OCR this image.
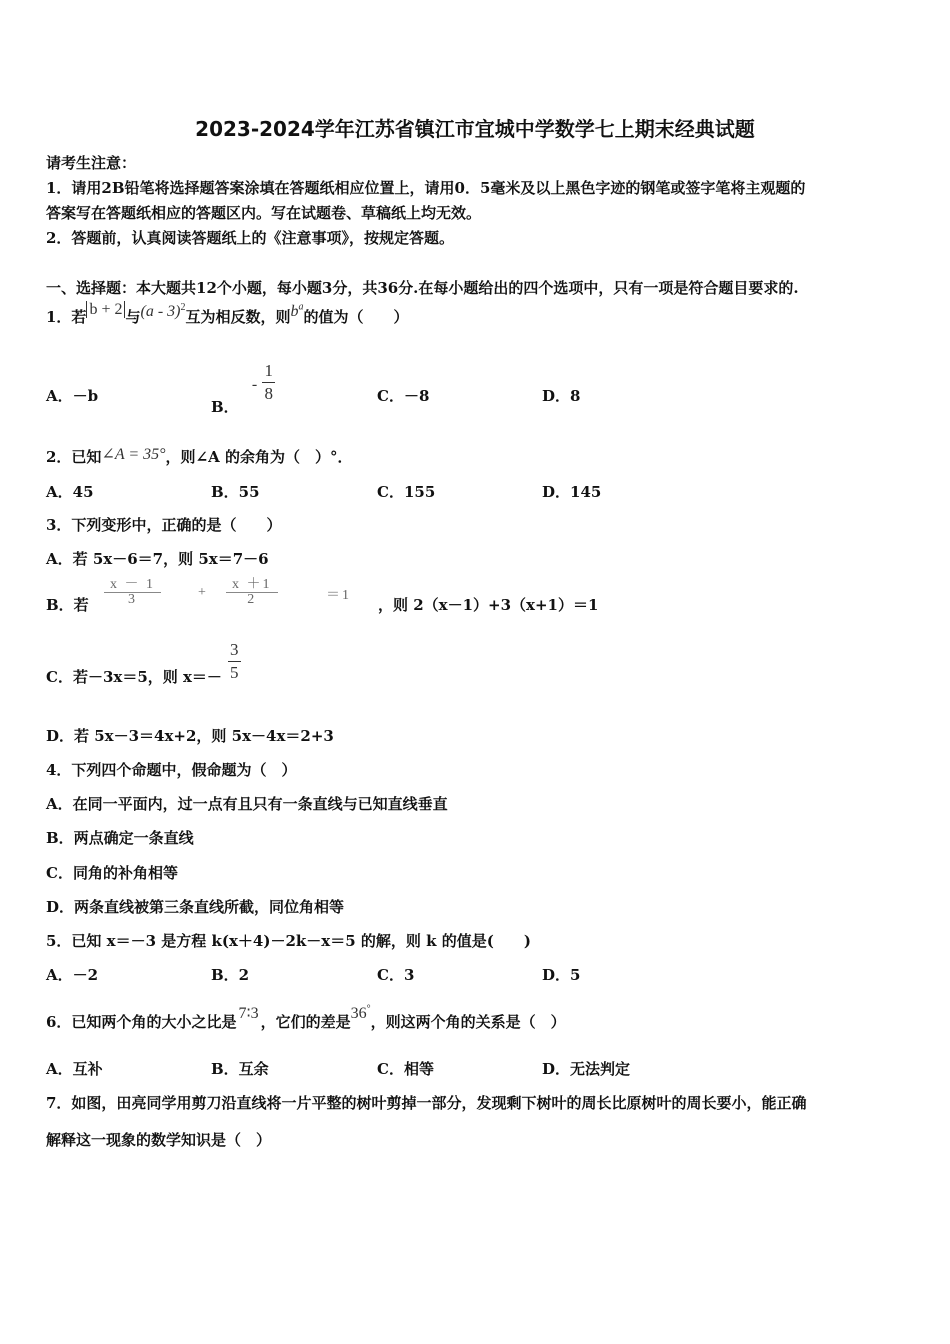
2023-2024学年江苏省镇江市宜城中学数学七上期末经典试题
请考生注意：
1．请用2B铅笔将选择题答案涂填在答题纸相应位置上，请用0．5毫米及以上黑色字迹的钢笔或签字笔将主观题的
答案写在答题纸相应的答题区内。写在试题卷、草稿纸上均无效。
2．答题前，认真阅读答题纸上的《注意事项》，按规定答题。
一、选择题：本大题共12个小题，每小题3分，共36分.在每小题给出的四个选项中，只有一项是符合题目要求的.
1．若 b + 2 与(a - 3)$^2$互为相反数，则$b^a$的值为（　　）
A．－b
B． - $\frac{1}{8}$	C．－8	D．8
2．已知∠A = 35°，则∠A 的余角为（　）°．
A．45	B．55	C．155	D．145
3．下列变形中，正确的是（　　）
A．若 5x－6＝7，则 5x＝7－6
B．若 $\frac{x - 1}{3}$	+ $\frac{x +1}{2}$	＝1
，则 2（x－1）+3（x+1）＝1
C．若－3x＝5，则 $x=- \frac{3}{5}$
D．若 5x－3＝4x+2，则 5x－4x＝2+3
4．下列四个命题中，假命题为（　）
A．在同一平面内，过一点有且只有一条直线与已知直线垂直
B．两点确定一条直线
C．同角的补角相等
D．两条直线被第三条直线所截，同位角相等
5．已知 x＝－3 是方程 k(x＋4)－2k－x＝5 的解，则 k 的值是(　　)
A．－2	B．2	C．3	D．5
6．已知两个角的大小之比是 7∶3 ，它们的差是36°，则这两个角的关系是（　）
A．互补	B．互余	C．相等	D．无法判定
7．如图，田亮同学用剪刀沿直线将一片平整的树叶剪掉一部分，发现剩下树叶的周长比原树叶的周长要小，能正确
解释这一现象的数学知识是（　）
